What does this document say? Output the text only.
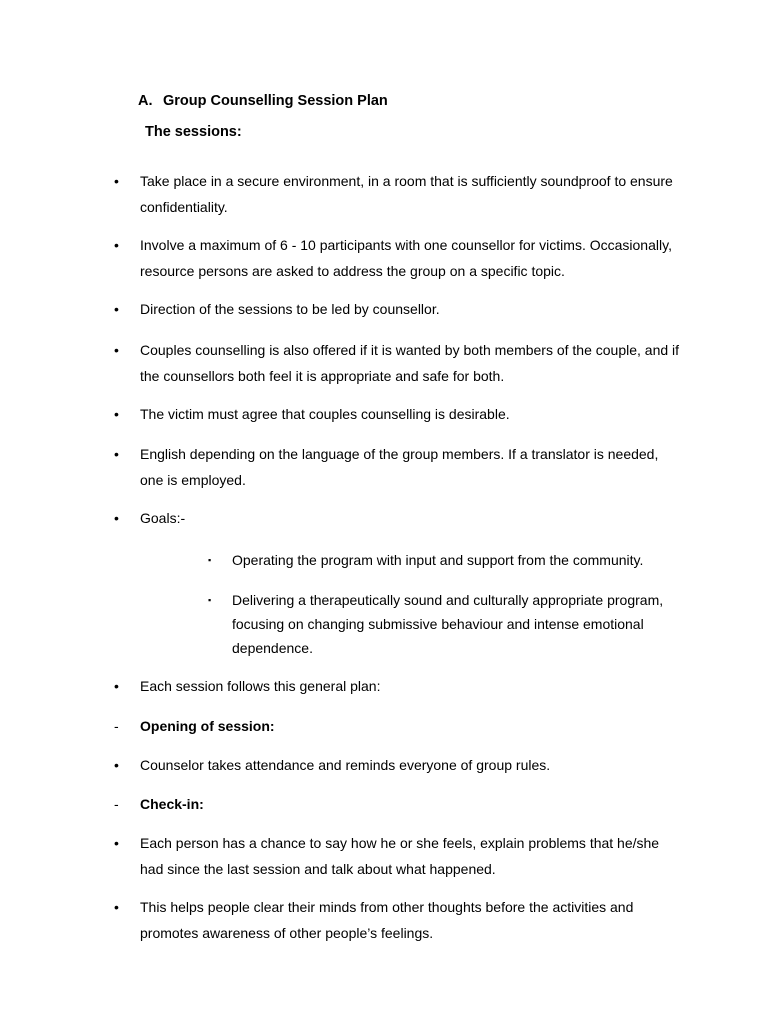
A. Group Counselling Session Plan
The sessions:
•	Take place in a secure environment, in a room that is sufficiently soundproof to ensure confidentiality.
•	Involve a maximum of 6 - 10 participants with one counsellor for victims. Occasionally, resource persons are asked to address the group on a specific topic.
•	Direction of the sessions to be led by counsellor.
•	Couples counselling is also offered if it is wanted by both members of the couple, and if the counsellors both feel it is appropriate and safe for both.
•	The victim must agree that couples counselling is desirable.
•	English depending on the language of the group members. If a translator is needed, one is employed.
•	Goals:-
▪	Operating the program with input and support from the community.
▪	Delivering a therapeutically sound and culturally appropriate program, focusing on changing submissive behaviour and intense emotional dependence.
•	Each session follows this general plan:
-	Opening of session:
•	Counselor takes attendance and reminds everyone of group rules.
-	Check-in:
•	Each person has a chance to say how he or she feels, explain problems that he/she had since the last session and talk about what happened.
•	This helps people clear their minds from other thoughts before the activities and promotes awareness of other people’s feelings.
